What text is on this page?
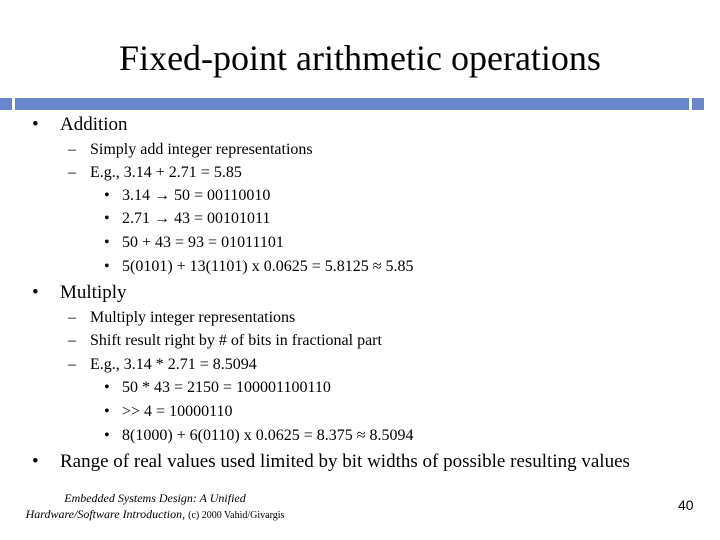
Fixed-point arithmetic operations
• Addition
– Simply add integer representations
– E.g., 3.14 + 2.71 = 5.85
• 3.14 → 50 = 00110010
• 2.71 → 43 = 00101011
• 50 + 43 = 93 = 01011101
• 5(0101) + 13(1101) x 0.0625 = 5.8125 ≈ 5.85
• Multiply
– Multiply integer representations
– Shift result right by # of bits in fractional part
– E.g., 3.14 * 2.71 = 8.5094
• 50 * 43 = 2150 = 100001100110
• >> 4 = 10000110
• 8(1000) + 6(0110) x 0.0625 = 8.375 ≈ 8.5094
• Range of real values used limited by bit widths of possible resulting values
Embedded Systems Design: A Unified
Hardware/Software Introduction, (c) 2000 Vahid/Givargis
40
